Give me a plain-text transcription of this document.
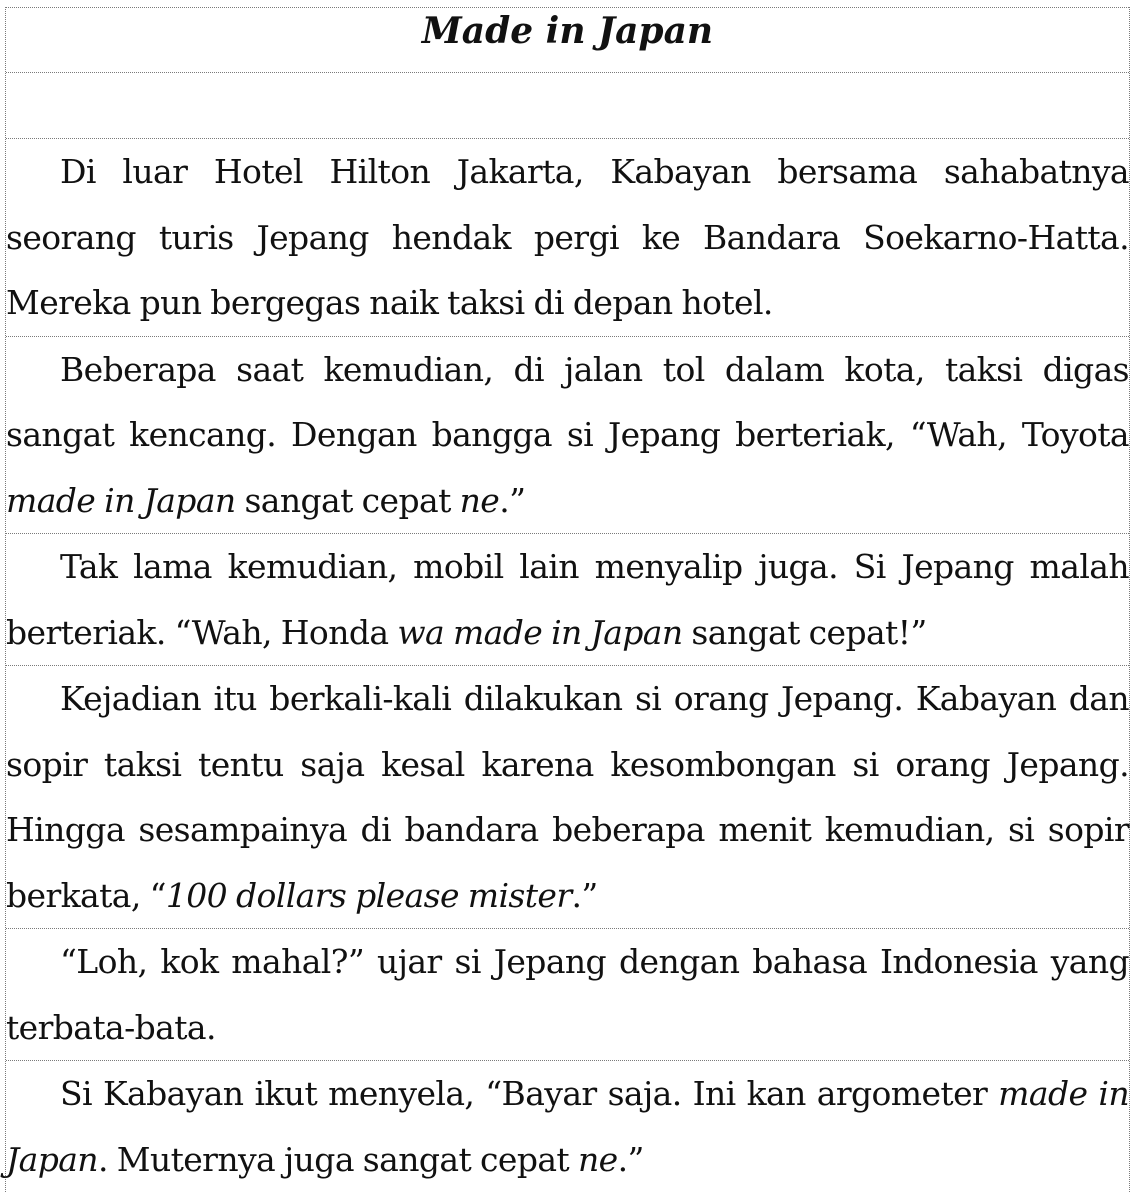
Made in Japan

Di luar Hotel Hilton Jakarta, Kabayan bersama sahabatnya seorang turis Jepang hendak pergi ke Bandara Soekarno-Hatta. Mereka pun bergegas naik taksi di depan hotel.

Beberapa saat kemudian, di jalan tol dalam kota, taksi digas sangat kencang. Dengan bangga si Jepang berteriak, “Wah, Toyota made in Japan sangat cepat ne.”

Tak lama kemudian, mobil lain menyalip juga. Si Jepang malah berteriak. “Wah, Honda wa made in Japan sangat cepat!”

Kejadian itu berkali-kali dilakukan si orang Jepang. Kabayan dan sopir taksi tentu saja kesal karena kesombongan si orang Jepang. Hingga sesampainya di bandara beberapa menit kemudian, si sopir berkata, “100 dollars please mister.”

“Loh, kok mahal?” ujar si Jepang dengan bahasa Indonesia yang terbata-bata.

Si Kabayan ikut menyela, “Bayar saja. Ini kan argometer made in Japan. Muternya juga sangat cepat ne.”
